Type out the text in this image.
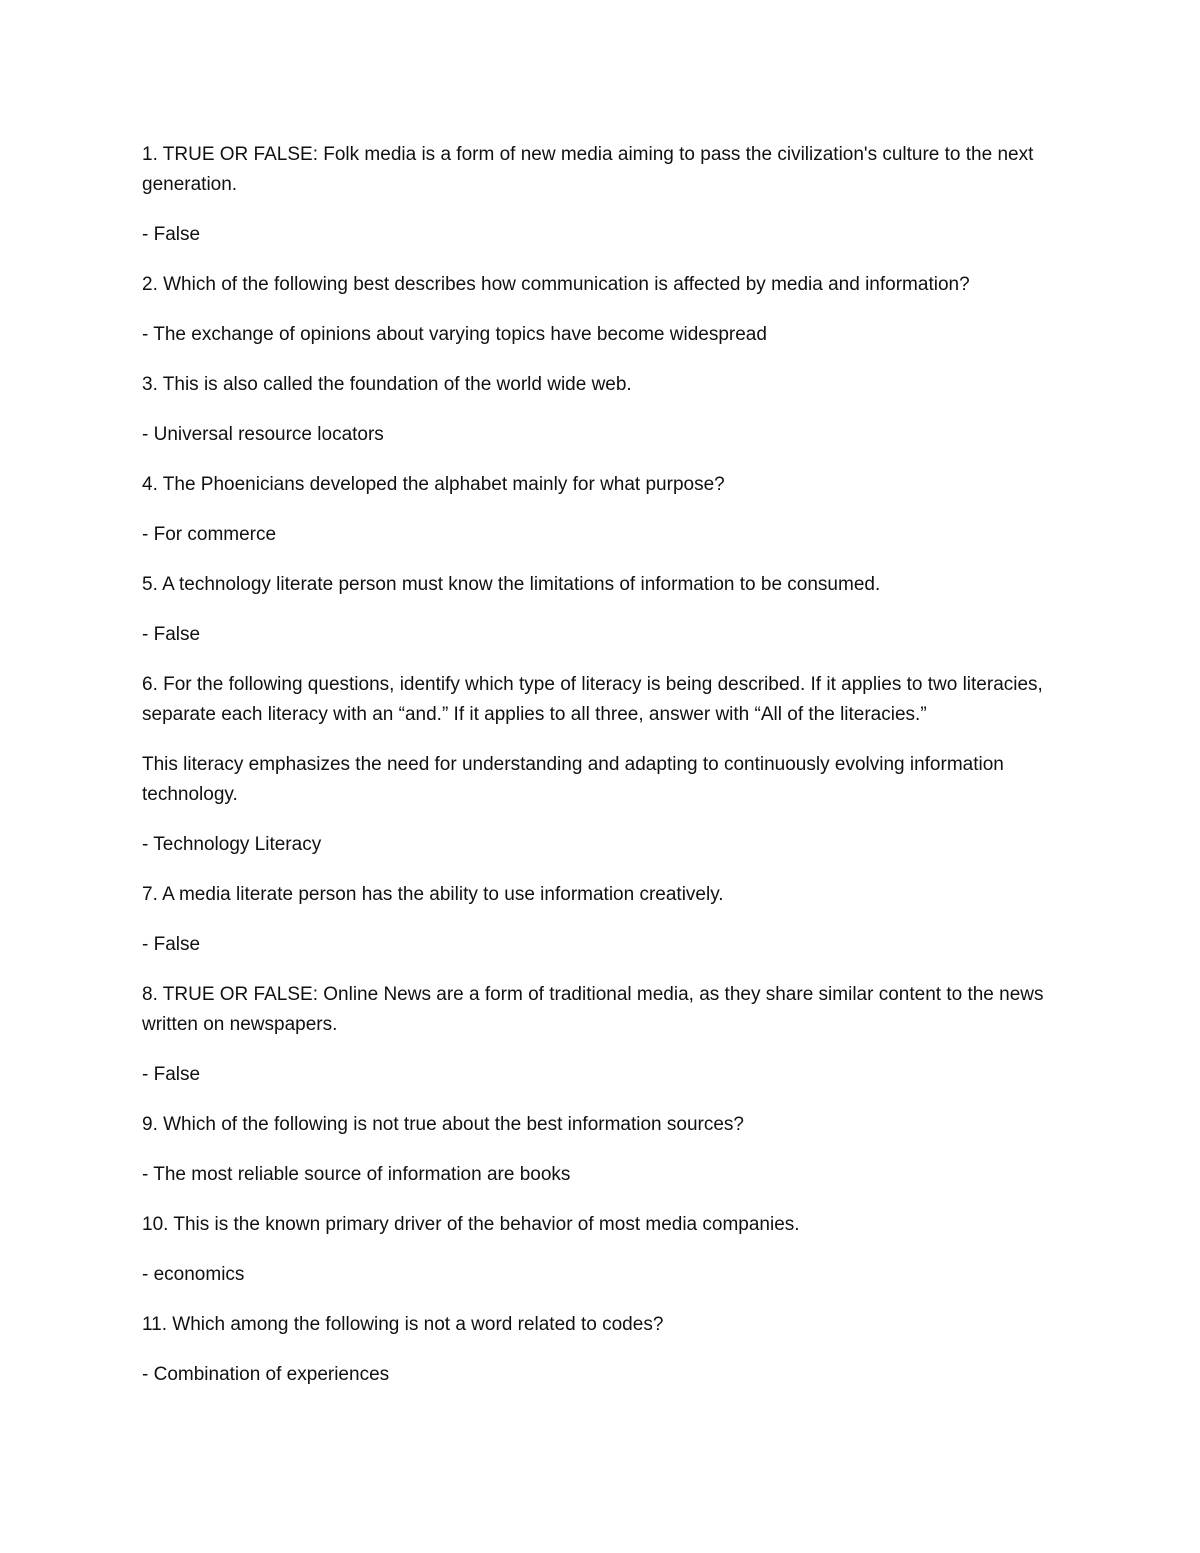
1. TRUE OR FALSE: Folk media is a form of new media aiming to pass the civilization's culture to the next generation.

- False

2. Which of the following best describes how communication is affected by media and information?

- The exchange of opinions about varying topics have become widespread

3. This is also called the foundation of the world wide web.

- Universal resource locators

4. The Phoenicians developed the alphabet mainly for what purpose?

- For commerce

5. A technology literate person must know the limitations of information to be consumed.

- False

6. For the following questions, identify which type of literacy is being described. If it applies to two literacies, separate each literacy with an “and.” If it applies to all three, answer with “All of the literacies.”

This literacy emphasizes the need for understanding and adapting to continuously evolving information technology.

- Technology Literacy

7. A media literate person has the ability to use information creatively.

- False

8. TRUE OR FALSE: Online News are a form of traditional media, as they share similar content to the news written on newspapers.

- False

9. Which of the following is not true about the best information sources?

- The most reliable source of information are books

10. This is the known primary driver of the behavior of most media companies.

- economics

11. Which among the following is not a word related to codes?

- Combination of experiences
